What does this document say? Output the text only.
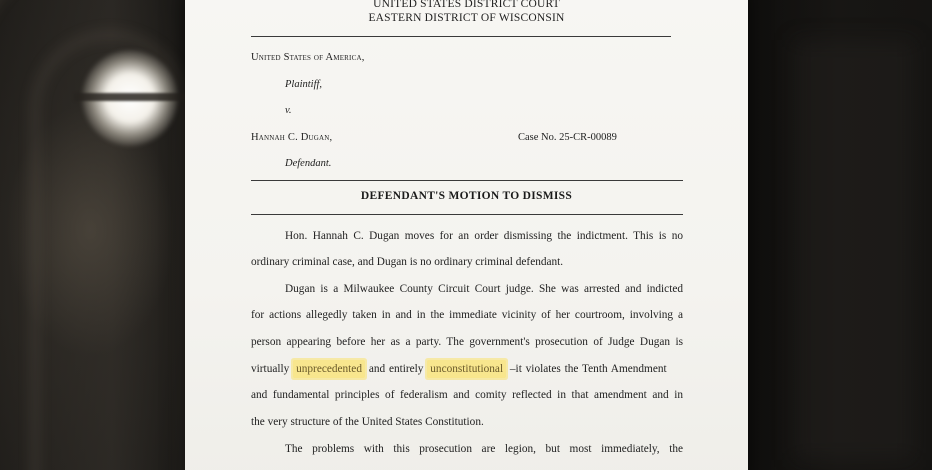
UNITED STATES DISTRICT COURT
EASTERN DISTRICT OF WISCONSIN
United States of America,
Plaintiff,
v.
Hannah C. Dugan,	Case No. 25-CR-00089
Defendant.
DEFENDANT'S MOTION TO DISMISS
Hon. Hannah C. Dugan moves for an order dismissing the indictment. This is no
ordinary criminal case, and Dugan is no ordinary criminal defendant.
Dugan is a Milwaukee County Circuit Court judge. She was arrested and indicted
for actions allegedly taken in and in the immediate vicinity of her courtroom, involving a
person appearing before her as a party. The government's prosecution of Judge Dugan is
virtually unprecedented and entirely unconstitutional –it violates the Tenth Amendment
and fundamental principles of federalism and comity reflected in that amendment and in
the very structure of the United States Constitution.
The problems with this prosecution are legion, but most immediately, the
